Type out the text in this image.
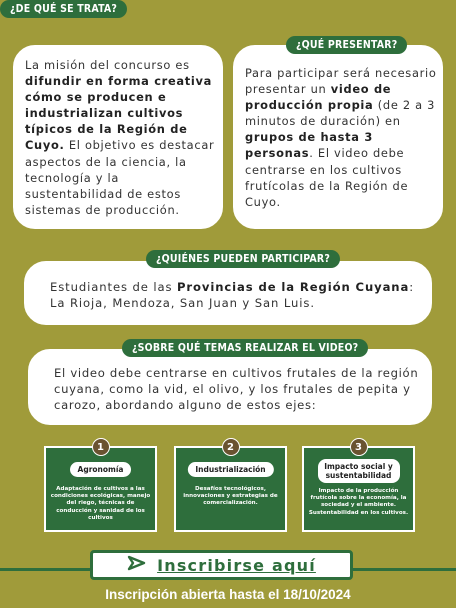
¿DE QUÉ SE TRATA?

La misión del concurso es difundir en forma creativa cómo se producen e industrializan cultivos típicos de la Región de Cuyo. El objetivo es destacar aspectos de la ciencia, la tecnología y la sustentabilidad de estos sistemas de producción.

¿QUÉ PRESENTAR?

Para participar será necesario presentar un video de producción propia (de 2 a 3 minutos de duración) en grupos de hasta 3 personas. El video debe centrarse en los cultivos frutícolas de la Región de Cuyo.

¿QUIÉNES PUEDEN PARTICIPAR?

Estudiantes de las Provincias de la Región Cuyana: La Rioja, Mendoza, San Juan y San Luis.

¿SOBRE QUÉ TEMAS REALIZAR EL VIDEO?

El video debe centrarse en cultivos frutales de la región cuyana, como la vid, el olivo, y los frutales de pepita y carozo, abordando alguno de estos ejes:

1
Agronomía
Adaptación de cultivos a las condiciones ecológicas, manejo del riego, técnicas de conducción y sanidad de los cultivos
2
Industrialización
Desafíos tecnológicos, innovaciones y estrategias de comercialización.
3
Impacto social y sustentabilidad
Impacto de la producción frutícola sobre la economía, la sociedad y el ambiente. Sustentabilidad en los cultivos.
Inscribirse aquí
Inscripción abierta hasta el 18/10/2024
